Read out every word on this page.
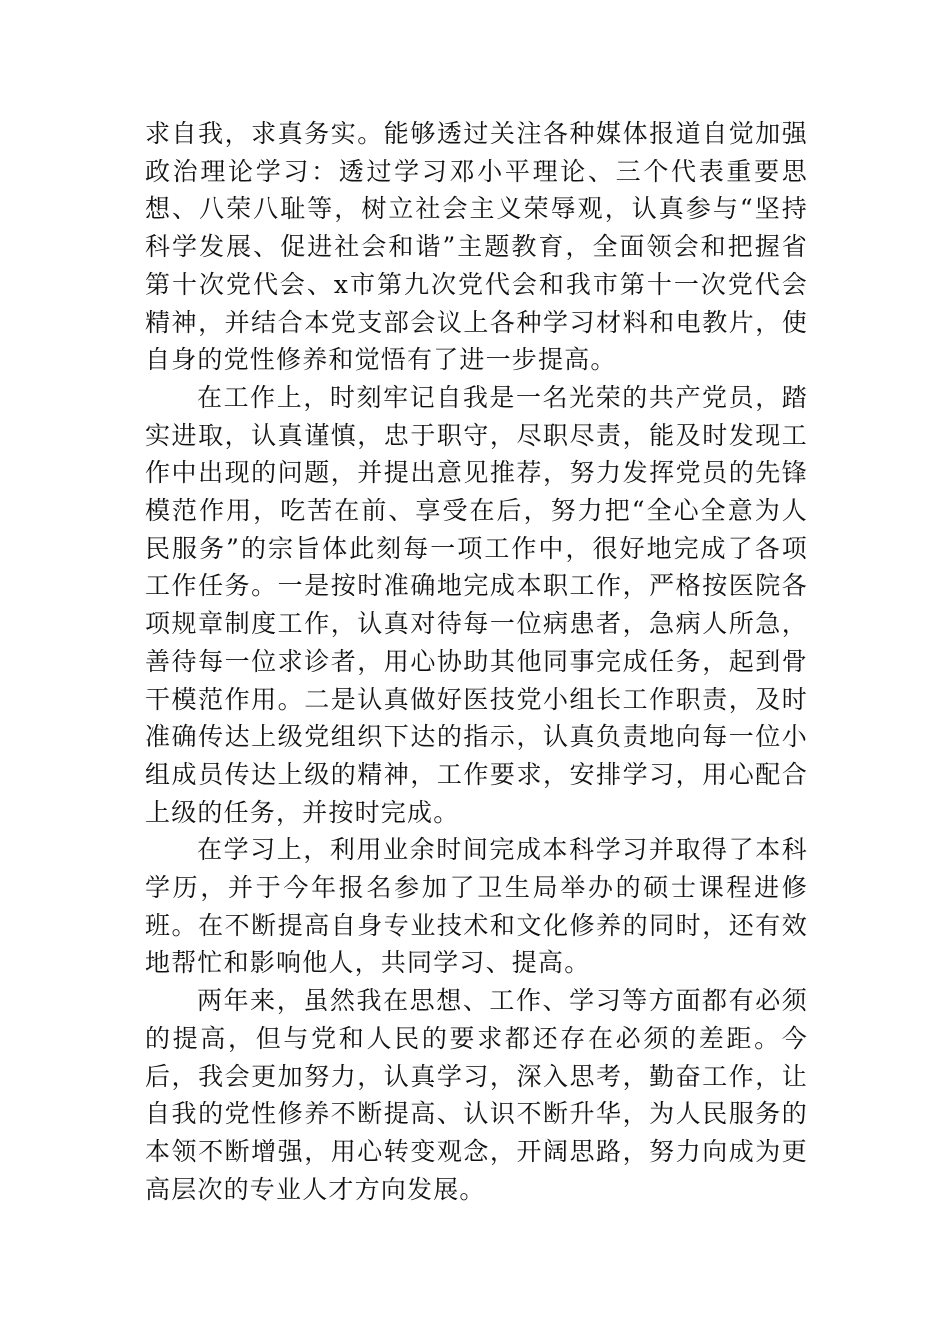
求自我，求真务实。能够透过关注各种媒体报道自觉加强政治理论学习：透过学习邓小平理论、三个代表重要思想、八荣八耻等，树立社会主义荣辱观，认真参与“坚持科学发展、促进社会和谐”主题教育，全面领会和把握省第十次党代会、x市第九次党代会和我市第十一次党代会精神，并结合本党支部会议上各种学习材料和电教片，使自身的党性修养和觉悟有了进一步提高。

在工作上，时刻牢记自我是一名光荣的共产党员，踏实进取，认真谨慎，忠于职守，尽职尽责，能及时发现工作中出现的问题，并提出意见推荐，努力发挥党员的先锋模范作用，吃苦在前、享受在后，努力把“全心全意为人民服务”的宗旨体此刻每一项工作中，很好地完成了各项工作任务。一是按时准确地完成本职工作，严格按医院各项规章制度工作，认真对待每一位病患者，急病人所急，善待每一位求诊者，用心协助其他同事完成任务，起到骨干模范作用。二是认真做好医技党小组长工作职责，及时准确传达上级党组织下达的指示，认真负责地向每一位小组成员传达上级的精神，工作要求，安排学习，用心配合上级的任务，并按时完成。

在学习上，利用业余时间完成本科学习并取得了本科学历，并于今年报名参加了卫生局举办的硕士课程进修班。在不断提高自身专业技术和文化修养的同时，还有效地帮忙和影响他人，共同学习、提高。

两年来，虽然我在思想、工作、学习等方面都有必须的提高，但与党和人民的要求都还存在必须的差距。今后，我会更加努力，认真学习，深入思考，勤奋工作，让自我的党性修养不断提高、认识不断升华，为人民服务的本领不断增强，用心转变观念，开阔思路，努力向成为更高层次的专业人才方向发展。
